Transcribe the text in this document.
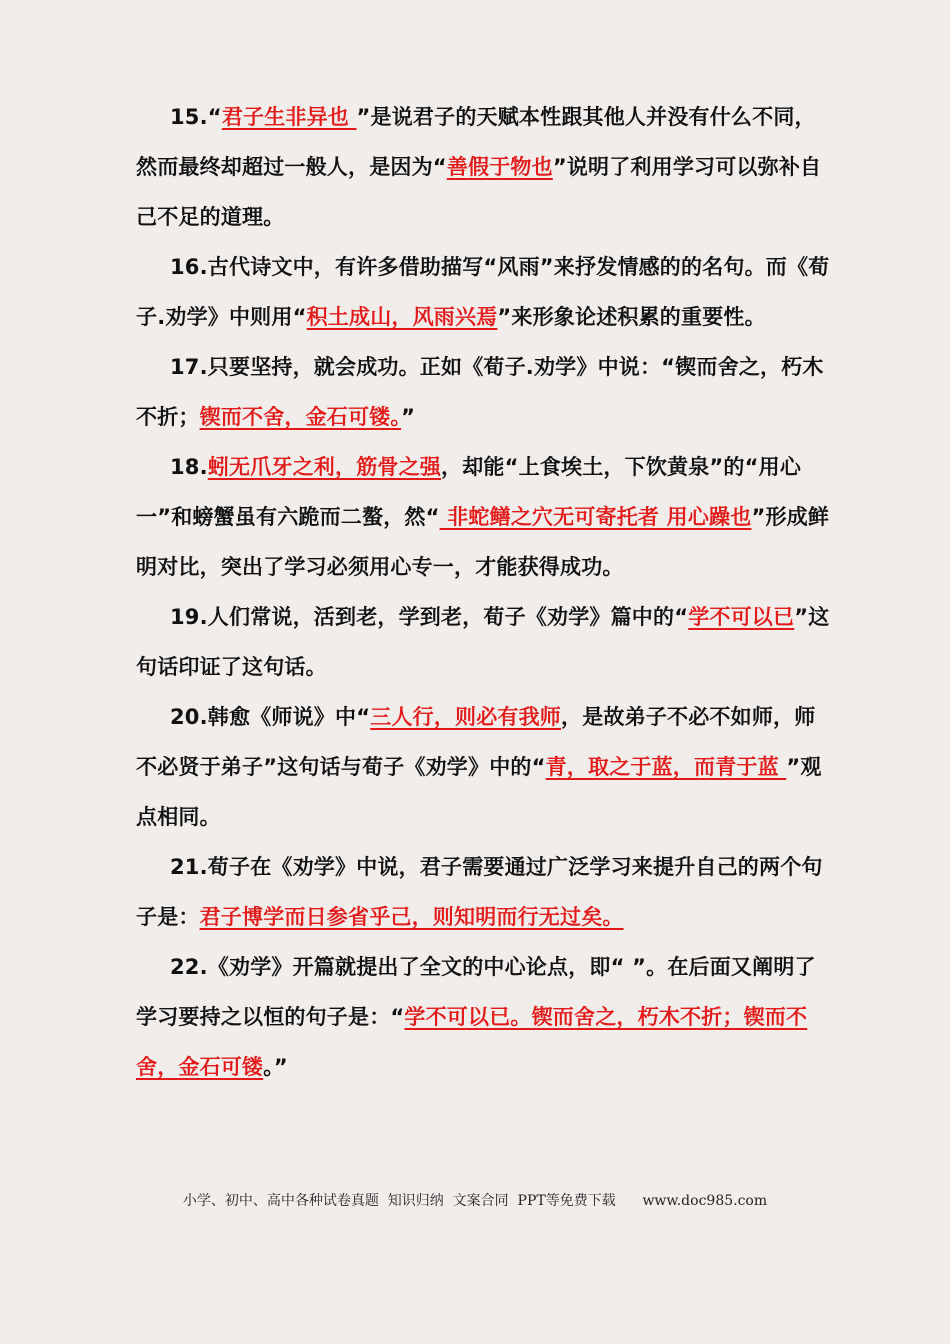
15.“君子生非异也 ”是说君子的天赋本性跟其他人并没有什么不同，然而最终却超过一般人，是因为“善假于物也”说明了利用学习可以弥补自己不足的道理。

16.古代诗文中，有许多借助描写“风雨”来抒发情感的的名句。而《荀子.劝学》中则用“积土成山，风雨兴焉”来形象论述积累的重要性。

17.只要坚持，就会成功。正如《荀子.劝学》中说：“锲而舍之，朽木不折；锲而不舍，金石可镂。”

18.蚓无爪牙之利，筋骨之强，却能“上食埃土，下饮黄泉”的“用心一”和螃蟹虽有六跪而二螯，然“ 非蛇鳝之穴无可寄托者 用心躁也”形成鲜明对比，突出了学习必须用心专一，才能获得成功。

19.人们常说，活到老，学到老，荀子《劝学》篇中的“学不可以已”这句话印证了这句话。

20.韩愈《师说》中“三人行，则必有我师，是故弟子不必不如师，师不必贤于弟子”这句话与荀子《劝学》中的“青，取之于蓝，而青于蓝 ”观点相同。

21.荀子在《劝学》中说，君子需要通过广泛学习来提升自己的两个句子是：君子博学而日参省乎己，则知明而行无过矣。

22.《劝学》开篇就提出了全文的中心论点，即“ ”。在后面又阐明了学习要持之以恒的句子是：“学不可以已。锲而舍之，朽木不折；锲而不舍，金石可镂。”

小学、初中、高中各种试卷真题  知识归纳  文案合同  PPT等免费下载      www.doc985.com
